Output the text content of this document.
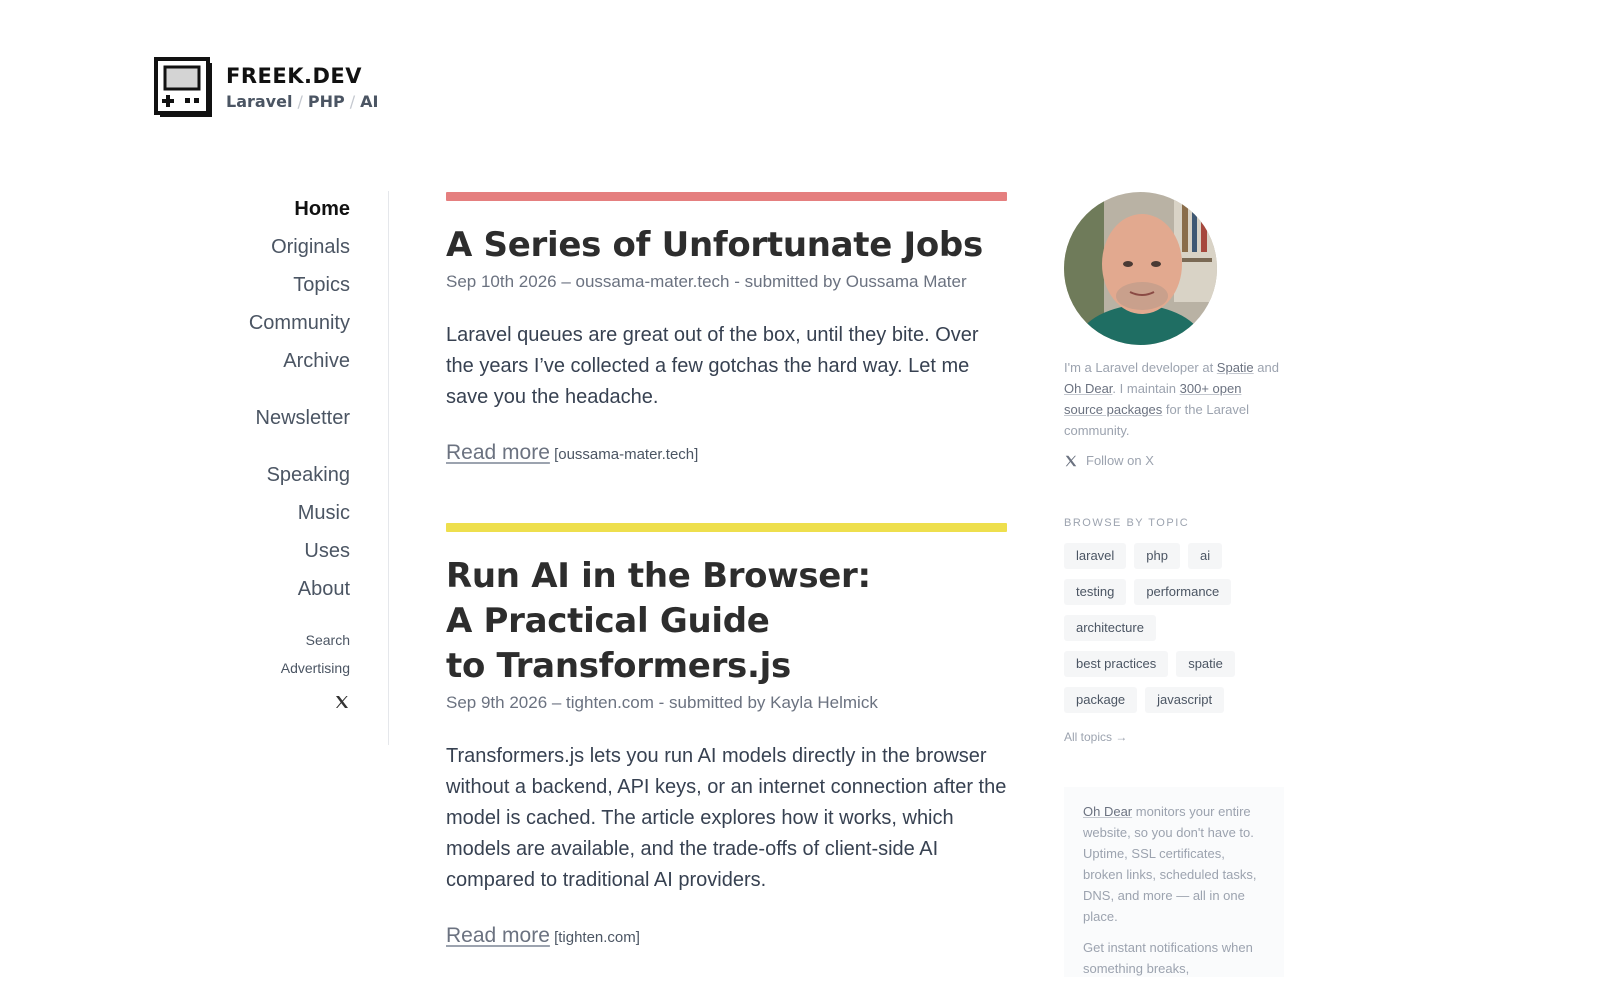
FREEK.DEV
Laravel / PHP / AI
Home
Originals
Topics
Community
Archive
Newsletter
Speaking
Music
Uses
About
Search
Advertising
A Series of Unfortunate Jobs
Sep 10th 2026 – oussama-mater.tech - submitted by Oussama Mater

Laravel queues are great out of the box, until they bite. Over the years I’ve collected a few gotchas the hard way. Let me save you the headache.

Read more [oussama-mater.tech]
Run AI in the Browser:
A Practical Guide
to Transformers.js
Sep 9th 2026 – tighten.com - submitted by Kayla Helmick

Transformers.js lets you run AI models directly in the browser without a backend, API keys, or an internet connection after the model is cached. The article explores how it works, which models are available, and the trade-offs of client-side AI compared to traditional AI providers.

Read more [tighten.com]

I'm a Laravel developer at Spatie and Oh Dear. I maintain 300+ open source packages for the Laravel community.

Follow on X
BROWSE BY TOPIC
laravel	php	ai
testing	performance
architecture
best practices	spatie
package	javascript
All topics →

Oh Dear monitors your entire website, so you don't have to. Uptime, SSL certificates, broken links, scheduled tasks, DNS, and more — all in one place.

Get instant notifications when something breaks,
